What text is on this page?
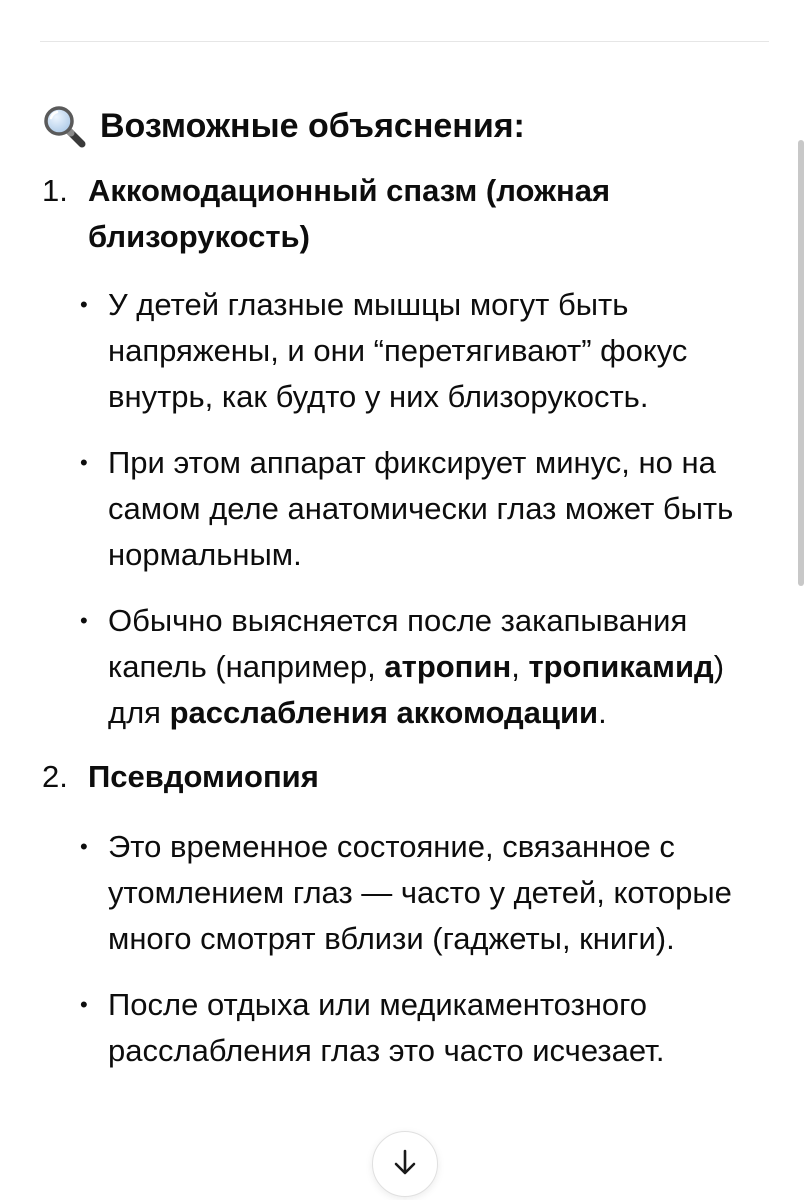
Возможные объяснения:
1. Аккомодационный спазм (ложная близорукость)

• У детей глазные мышцы могут быть напряжены, и они “перетягивают” фокус внутрь, как будто у них близорукость.
• При этом аппарат фиксирует минус, но на самом деле анатомически глаз может быть нормальным.
• Обычно выясняется после закапывания капель (например, атропин, тропикамид) для расслабления аккомодации.
2. Псевдомиопия

• Это временное состояние, связанное с утомлением глаз — часто у детей, которые много смотрят вблизи (гаджеты, книги).
• После отдыха или медикаментозного расслабления глаз это часто исчезает.
